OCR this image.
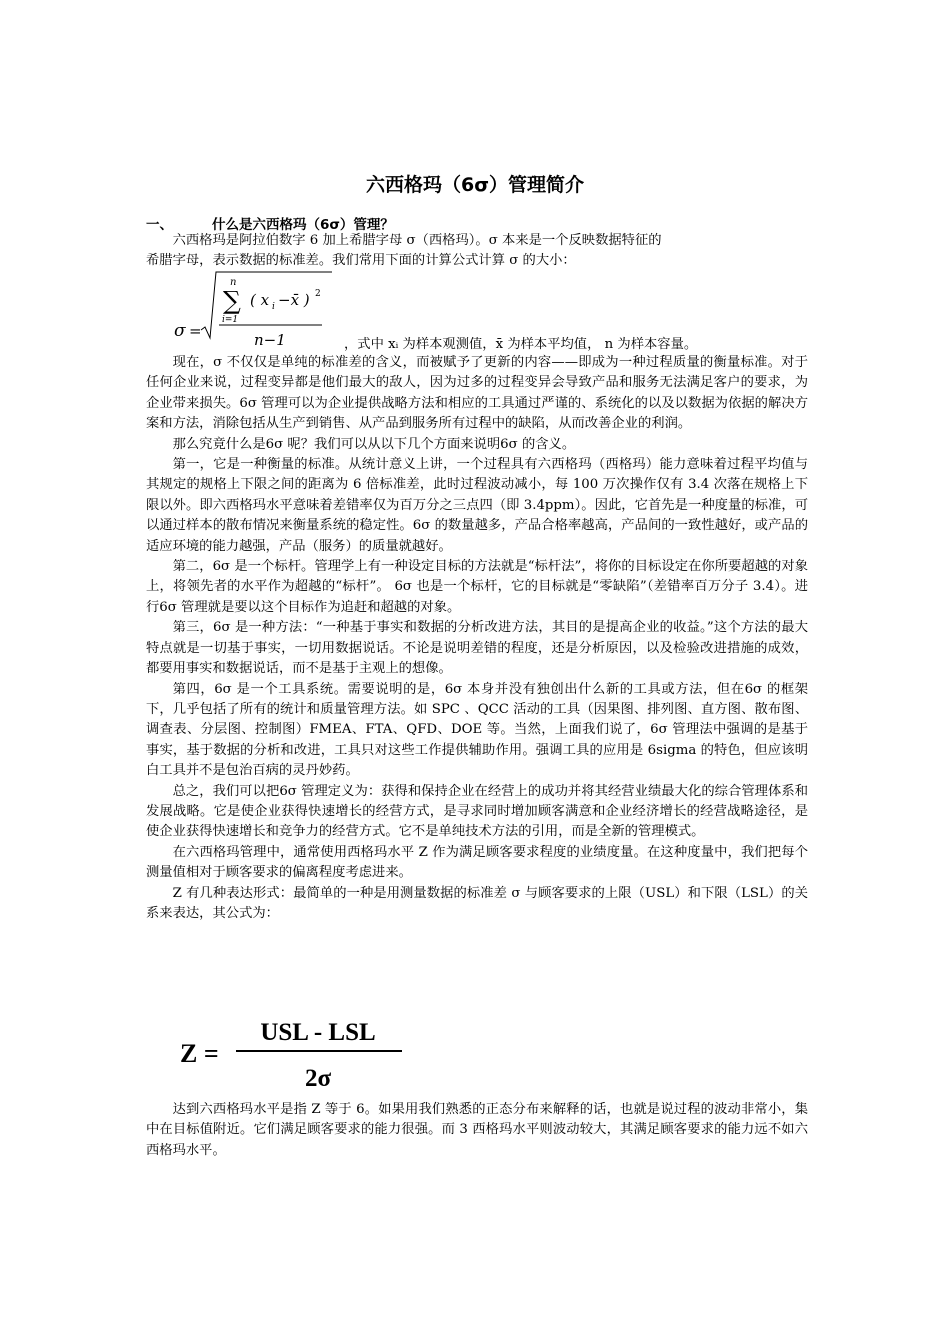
六西格玛（6σ）管理简介
一、	什么是六西格玛（6σ）管理？

六西格玛是阿拉伯数字 6 加上希腊字母 σ（西格玛）。σ 本来是一个反映数据特征的

希腊字母，表示数据的标准差。我们常用下面的计算公式计算 σ 的大小：

σ =
n
∑
i=1
( x i −x̄ ) 2
n−1	，式中 xᵢ 为样本观测值，x̄ 为样本平均值， n 为样本容量。

现在，σ 不仅仅是单纯的标准差的含义，而被赋予了更新的内容——即成为一种过程质量的衡量标准。对于任何企业来说，过程变异都是他们最大的敌人，因为过多的过程变异会导致产品和服务无法满足客户的要求，为企业带来损失。6σ 管理可以为企业提供战略方法和相应的工具通过严谨的、系统化的以及以数据为依据的解决方案和方法，消除包括从生产到销售、从产品到服务所有过程中的缺陷，从而改善企业的利润。

那么究竟什么是6σ 呢？我们可以从以下几个方面来说明6σ 的含义。

第一，它是一种衡量的标准。从统计意义上讲，一个过程具有六西格玛（西格玛）能力意味着过程平均值与其规定的规格上下限之间的距离为 6 倍标准差，此时过程波动减小，每 100 万次操作仅有 3.4 次落在规格上下限以外。即六西格玛水平意味着差错率仅为百万分之三点四（即 3.4ppm）。因此，它首先是一种度量的标准，可以通过样本的散布情况来衡量系统的稳定性。6σ 的数量越多，产品合格率越高，产品间的一致性越好，或产品的适应环境的能力越强，产品（服务）的质量就越好。

第二，6σ 是一个标杆。管理学上有一种设定目标的方法就是“标杆法”，将你的目标设定在你所要超越的对象上，将领先者的水平作为超越的“标杆”。 6σ 也是一个标杆，它的目标就是“零缺陷”（差错率百万分子 3.4）。进行6σ 管理就是要以这个目标作为追赶和超越的对象。

第三，6σ 是一种方法：“一种基于事实和数据的分析改进方法，其目的是提高企业的收益。”这个方法的最大特点就是一切基于事实，一切用数据说话。不论是说明差错的程度，还是分析原因，以及检验改进措施的成效，都要用事实和数据说话，而不是基于主观上的想像。

第四，6σ 是一个工具系统。需要说明的是，6σ 本身并没有独创出什么新的工具或方法，但在6σ 的框架下，几乎包括了所有的统计和质量管理方法。如 SPC 、QCC 活动的工具（因果图、排列图、直方图、散布图、调查表、分层图、控制图）FMEA、FTA、QFD、DOE 等。当然，上面我们说了，6σ 管理法中强调的是基于事实，基于数据的分析和改进，工具只对这些工作提供辅助作用。强调工具的应用是 6sigma 的特色，但应该明白工具并不是包治百病的灵丹妙药。

总之，我们可以把6σ 管理定义为：获得和保持企业在经营上的成功并将其经营业绩最大化的综合管理体系和发展战略。它是使企业获得快速增长的经营方式，是寻求同时增加顾客满意和企业经济增长的经营战略途径，是使企业获得快速增长和竞争力的经营方式。它不是单纯技术方法的引用，而是全新的管理模式。

在六西格玛管理中，通常使用西格玛水平 Z 作为满足顾客要求程度的业绩度量。在这种度量中，我们把每个测量值相对于顾客要求的偏离程度考虑进来。

Z 有几种表达形式：最简单的一种是用测量数据的标准差 σ 与顾客要求的上限（USL）和下限（LSL）的关系来表达，其公式为：

Z =
USL - LSL
2σ

达到六西格玛水平是指 Z 等于 6。如果用我们熟悉的正态分布来解释的话，也就是说过程的波动非常小，集中在目标值附近。它们满足顾客要求的能力很强。而 3 西格玛水平则波动较大，其满足顾客要求的能力远不如六西格玛水平。
